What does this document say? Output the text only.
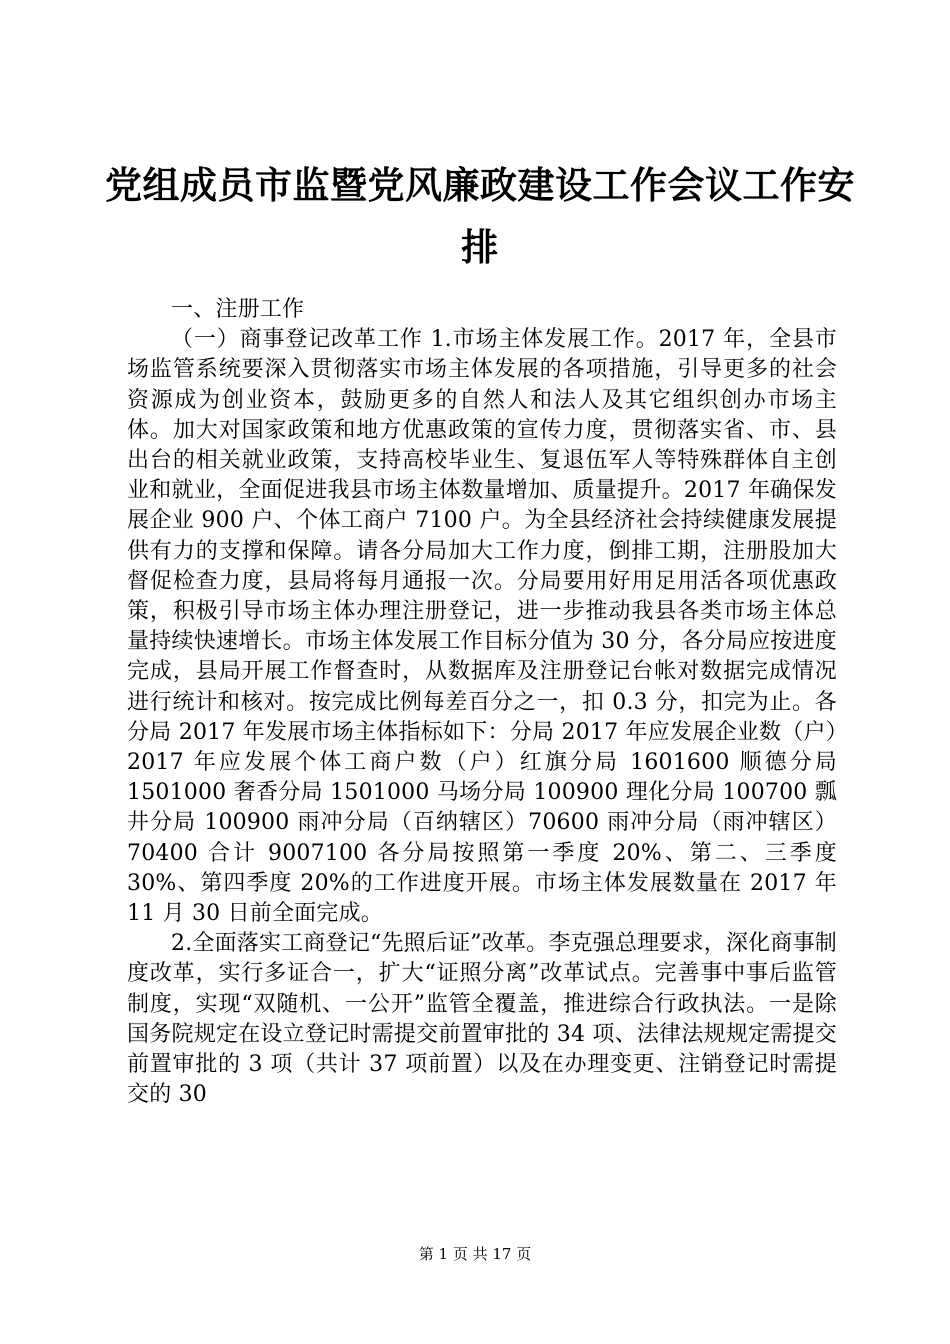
党组成员市监暨党风廉政建设工作会议工作安排

一、注册工作

（一）商事登记改革工作 1.市场主体发展工作。2017 年，全县市场监管系统要深入贯彻落实市场主体发展的各项措施，引导更多的社会资源成为创业资本，鼓励更多的自然人和法人及其它组织创办市场主体。加大对国家政策和地方优惠政策的宣传力度，贯彻落实省、市、县出台的相关就业政策，支持高校毕业生、复退伍军人等特殊群体自主创业和就业，全面促进我县市场主体数量增加、质量提升。2017 年确保发展企业 900 户、个体工商户 7100 户。为全县经济社会持续健康发展提供有力的支撑和保障。请各分局加大工作力度，倒排工期，注册股加大督促检查力度，县局将每月通报一次。分局要用好用足用活各项优惠政策，积极引导市场主体办理注册登记，进一步推动我县各类市场主体总量持续快速增长。市场主体发展工作目标分值为 30 分，各分局应按进度完成，县局开展工作督查时，从数据库及注册登记台帐对数据完成情况进行统计和核对。按完成比例每差百分之一，扣 0.3 分，扣完为止。各分局 2017 年发展市场主体指标如下：分局 2017 年应发展企业数（户）2017 年应发展个体工商户数（户）红旗分局 1601600 顺德分局 1501000 奢香分局 1501000 马场分局 100900 理化分局 100700 瓢井分局 100900 雨冲分局（百纳辖区）70600 雨冲分局（雨冲辖区）70400 合计 9007100 各分局按照第一季度 20%、第二、三季度 30%、第四季度 20%的工作进度开展。市场主体发展数量在 2017 年 11 月 30 日前全面完成。

2.全面落实工商登记“先照后证”改革。李克强总理要求，深化商事制度改革，实行多证合一，扩大“证照分离”改革试点。完善事中事后监管制度，实现“双随机、一公开”监管全覆盖，推进综合行政执法。一是除国务院规定在设立登记时需提交前置审批的 34 项、法律法规规定需提交前置审批的 3 项（共计 37 项前置）以及在办理变更、注销登记时需提交的 30

第 1 页 共 17 页
